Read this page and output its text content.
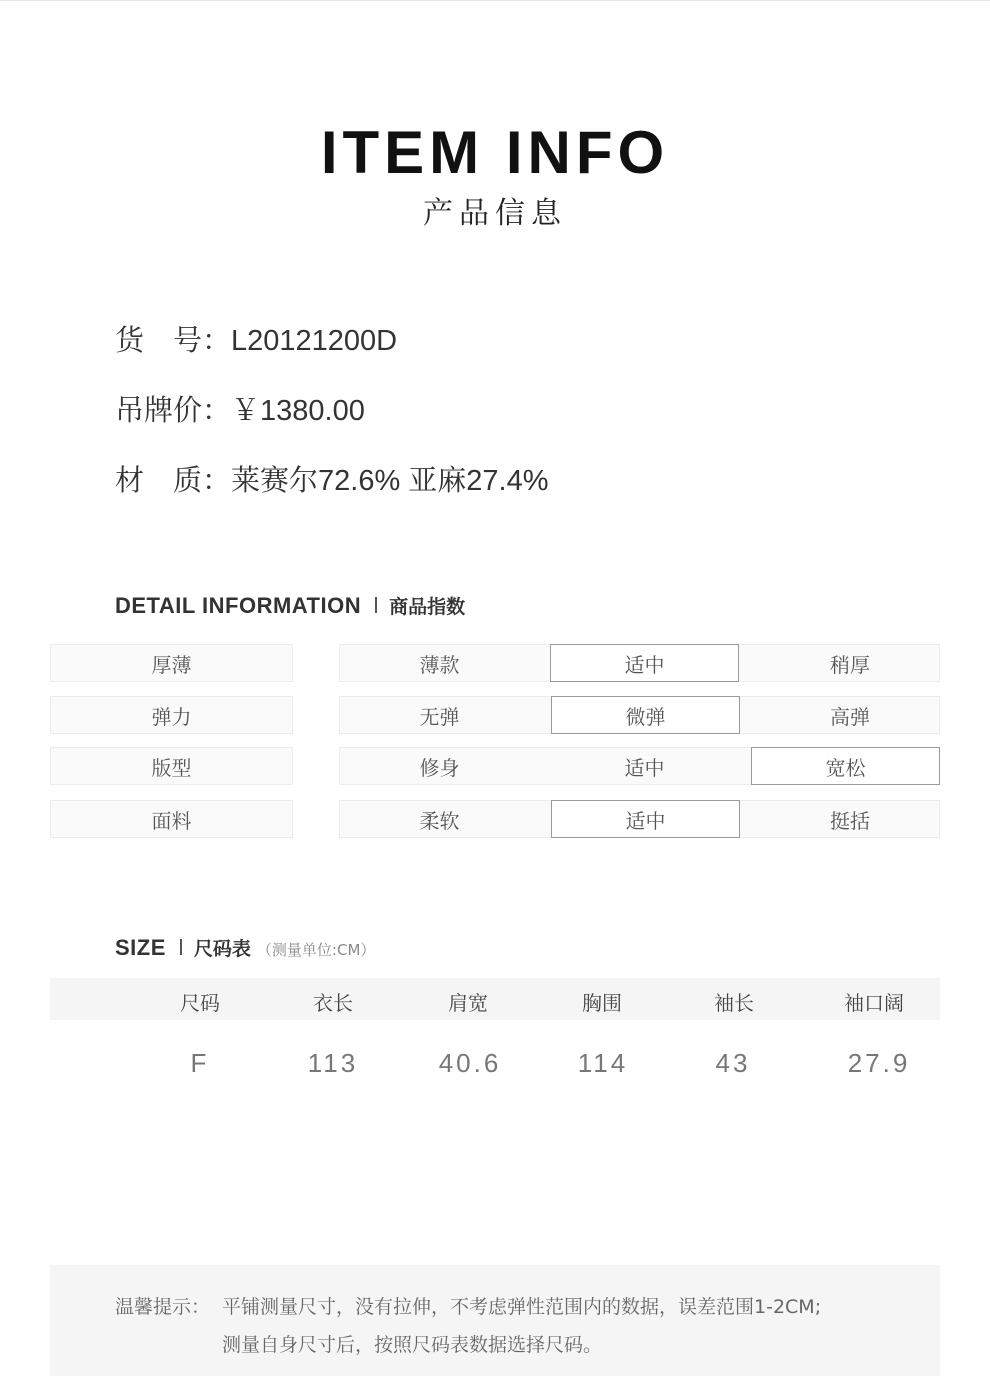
ITEM INFO
产品信息
货　号：L20121200D
吊牌价：￥1380.00
材　质：莱赛尔72.6% 亚麻27.4%
DETAIL INFORMATION 商品指数
厚薄	薄款	适中	稍厚
弹力	无弹	微弹	高弹
版型	修身	适中	宽松
面料	柔软	适中	挺括
SIZE 尺码表 （测量单位:CM）
尺码	衣长	肩宽	胸围	袖长	袖口阔
F	113	40.6	114	43	27.9
温馨提示： 平铺测量尺寸，没有拉伸，不考虑弹性范围内的数据，误差范围1-2CM;
测量自身尺寸后，按照尺码表数据选择尺码。
